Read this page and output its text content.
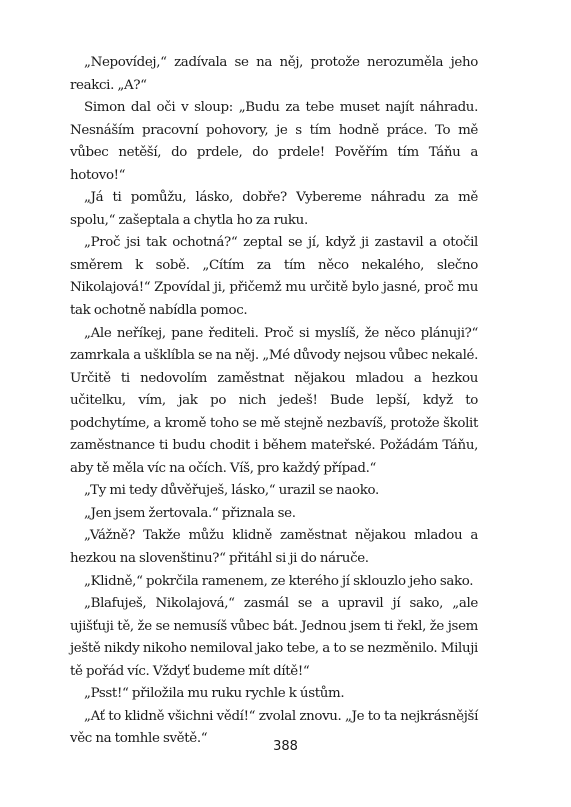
„Nepovídej,“ zadívala se na něj, protože nerozuměla jeho reakci. „A?“

Simon dal oči v sloup: „Budu za tebe muset najít náhradu. Nesnáším pracovní pohovory, je s tím hodně práce. To mě vůbec netěší, do prdele, do prdele! Pověřím tím Táňu a hotovo!“

„Já ti pomůžu, lásko, dobře? Vybereme náhradu za mě spolu,“ zašeptala a chytla ho za ruku.

„Proč jsi tak ochotná?“ zeptal se jí, když ji zastavil a otočil směrem k sobě. „Cítím za tím něco nekalého, slečno Nikolajová!“ Zpovídal ji, přičemž mu určitě bylo jasné, proč mu tak ochotně nabídla pomoc.

„Ale neříkej, pane řediteli. Proč si myslíš, že něco plánuji?“ zamrkala a ušklíbla se na něj. „Mé důvody nejsou vůbec nekalé. Určitě ti nedovolím zaměstnat nějakou mladou a hezkou učitelku, vím, jak po nich jedeš! Bude lepší, když to podchytíme, a kromě toho se mě stejně nezbavíš, protože školit zaměstnance ti budu chodit i během mateřské. Požádám Táňu, aby tě měla víc na očích. Víš, pro každý případ.“

„Ty mi tedy důvěřuješ, lásko,“ urazil se naoko.

„Jen jsem žertovala.“ přiznala se.

„Vážně? Takže můžu klidně zaměstnat nějakou mladou a hezkou na slovenštinu?“ přitáhl si ji do náruče.

„Klidně,“ pokrčila ramenem, ze kterého jí sklouzlo jeho sako.

„Blafuješ, Nikolajová,“ zasmál se a upravil jí sako, „ale ujišťuji tě, že se nemusíš vůbec bát. Jednou jsem ti řekl, že jsem ještě nikdy nikoho nemiloval jako tebe, a to se nezměnilo. Miluji tě pořád víc. Vždyť budeme mít dítě!“

„Psst!“ přiložila mu ruku rychle k ústům.

„Ať to klidně všichni vědí!“ zvolal znovu. „Je to ta nejkrásnější věc na tomhle světě.“

388
